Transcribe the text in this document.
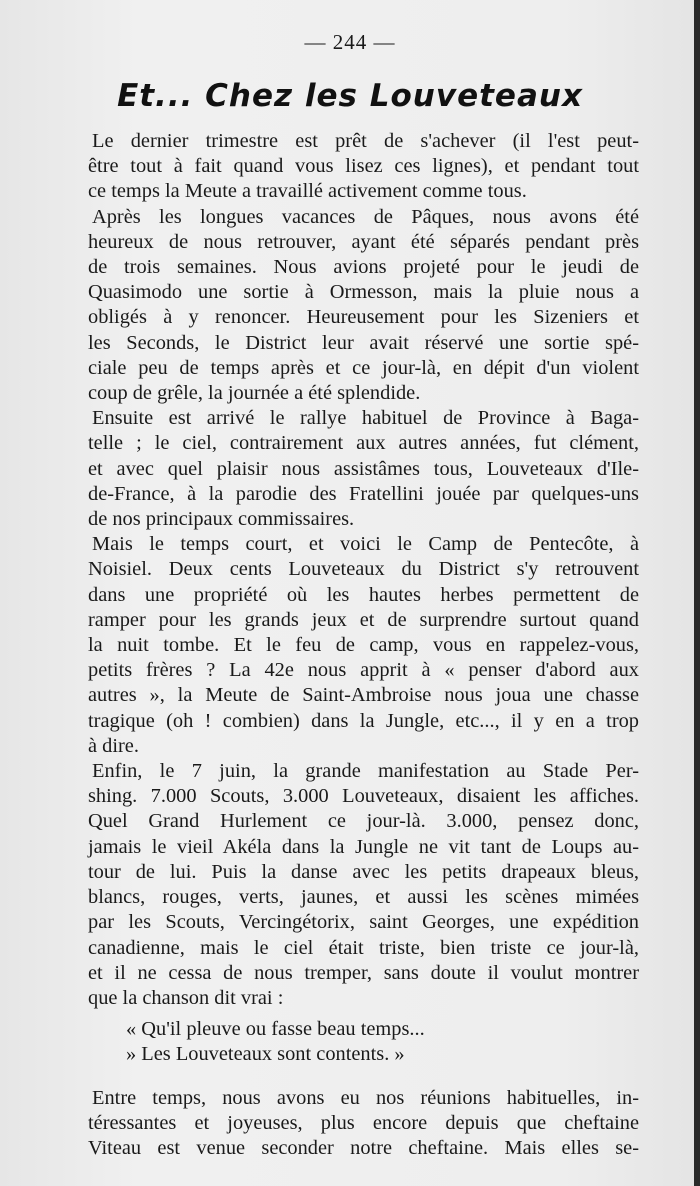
— 244 —
Et... Chez les Louveteaux

Le dernier trimestre est prêt de s'achever (il l'est peut-

être tout à fait quand vous lisez ces lignes), et pendant tout

ce temps la Meute a travaillé activement comme tous.

Après les longues vacances de Pâques, nous avons été

heureux de nous retrouver, ayant été séparés pendant près

de trois semaines. Nous avions projeté pour le jeudi de

Quasimodo une sortie à Ormesson, mais la pluie nous a

obligés à y renoncer. Heureusement pour les Sizeniers et

les Seconds, le District leur avait réservé une sortie spé-

ciale peu de temps après et ce jour-là, en dépit d'un violent

coup de grêle, la journée a été splendide.

Ensuite est arrivé le rallye habituel de Province à Baga-

telle ; le ciel, contrairement aux autres années, fut clément,

et avec quel plaisir nous assistâmes tous, Louveteaux d'Ile-

de-France, à la parodie des Fratellini jouée par quelques-uns

de nos principaux commissaires.

Mais le temps court, et voici le Camp de Pentecôte, à

Noisiel. Deux cents Louveteaux du District s'y retrouvent

dans une propriété où les hautes herbes permettent de

ramper pour les grands jeux et de surprendre surtout quand

la nuit tombe. Et le feu de camp, vous en rappelez-vous,

petits frères ? La 42e nous apprit à « penser d'abord aux

autres », la Meute de Saint-Ambroise nous joua une chasse

tragique (oh ! combien) dans la Jungle, etc..., il y en a trop

à dire.

Enfin, le 7 juin, la grande manifestation au Stade Per-

shing. 7.000 Scouts, 3.000 Louveteaux, disaient les affiches.

Quel Grand Hurlement ce jour-là. 3.000, pensez donc,

jamais le vieil Akéla dans la Jungle ne vit tant de Loups au-

tour de lui. Puis la danse avec les petits drapeaux bleus,

blancs, rouges, verts, jaunes, et aussi les scènes mimées

par les Scouts, Vercingétorix, saint Georges, une expédition

canadienne, mais le ciel était triste, bien triste ce jour-là,

et il ne cessa de nous tremper, sans doute il voulut montrer

que la chanson dit vrai :

« Qu'il pleuve ou fasse beau temps...

» Les Louveteaux sont contents. »

Entre temps, nous avons eu nos réunions habituelles, in-

téressantes et joyeuses, plus encore depuis que cheftaine

Viteau est venue seconder notre cheftaine. Mais elles se-
